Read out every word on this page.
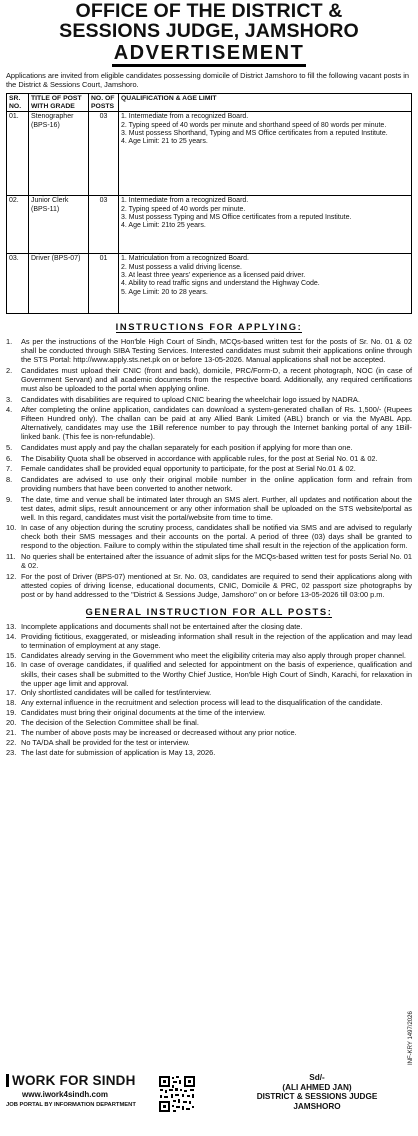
OFFICE OF THE DISTRICT &
SESSIONS JUDGE, JAMSHORO
ADVERTISEMENT

Applications are invited from eligible candidates possessing domicile of District Jamshoro to fill the following vacant posts in the District & Sessions Court, Jamshoro.

SR. NO.	TITLE OF POST WITH GRADE	NO. OF POSTS	QUALIFICATION & AGE LIMIT
01.	Stenographer (BPS-16)	03	1. Intermediate from a recognized Board.
2. Typing speed of 40 words per minute and shorthand speed of 80 words per minute.
3. Must possess Shorthand, Typing and MS Office certificates from a reputed Institute.
4. Age Limit: 21 to 25 years.

02.	Junior Clerk (BPS-11)	03	1. Intermediate from a recognized Board.
2. Typing speed of 40 words per minute.
3. Must possess Typing and MS Office certificates from a reputed Institute.
4. Age Limit: 21to 25 years.

03.	Driver (BPS-07)	01	1. Matriculation from a recognized Board.
2. Must possess a valid driving license.
3. At least three years' experience as a licensed paid driver.
4. Ability to read traffic signs and understand the Highway Code.
5. Age Limit: 20 to 28 years.
INSTRUCTIONS FOR APPLYING:
1.	As per the instructions of the Hon'ble High Court of Sindh, MCQs-based written test for the posts of Sr. No. 01 & 02 shall be conducted through SIBA Testing Services. Interested candidates must submit their applications online through the STS Portal: http://www.apply.sts.net.pk on or before 13-05-2026. Manual applications shall not be accepted.
2.	Candidates must upload their CNIC (front and back), domicile, PRC/Form-D, a recent photograph, NOC (in case of Government Servant) and all academic documents from the respective board. Additionally, any required certifications must also be uploaded to the portal when applying online.
3.	Candidates with disabilities are required to upload CNIC bearing the wheelchair logo issued by NADRA.
4.	After completing the online application, candidates can download a system-generated challan of Rs. 1,500/- (Rupees Fifteen Hundred only). The challan can be paid at any Allied Bank Limited (ABL) branch or via the MyABL App. Alternatively, candidates may use the 1Bill reference number to pay through the Internet banking portal of any 1Bill-linked bank. (This fee is non-refundable).
5.	Candidates must apply and pay the challan separately for each position if applying for more than one.
6.	The Disability Quota shall be observed in accordance with applicable rules, for the post at Serial No. 01 & 02.
7.	Female candidates shall be provided equal opportunity to participate, for the post at Serial No.01 & 02.
8.	Candidates are advised to use only their original mobile number in the online application form and refrain from providing numbers that have been converted to another network.
9.	The date, time and venue shall be intimated later through an SMS alert. Further, all updates and notification about the test dates, admit slips, result announcement or any other information shall be uploaded on the STS website/portal as well. In this regard, candidates must visit the portal/website from time to time.
10. In case of any objection during the scrutiny process, candidates shall be notified via SMS and are advised to regularly check both their SMS messages and their accounts on the portal. A period of three (03) days shall be granted to respond to the objection. Failure to comply within the stipulated time shall result in the rejection of the application form.
11. No queries shall be entertained after the issuance of admit slips for the MCQs-based written test for posts Serial No. 01 & 02.
12. For the post of Driver (BPS-07) mentioned at Sr. No. 03, candidates are required to send their applications along with attested copies of driving license, educational documents, CNIC, Domicile & PRC, 02 passport size photographs by post or by hand addressed to the "District & Sessions Judge, Jamshoro" on or before 13-05-2026 till 03:00 p.m.
GENERAL INSTRUCTION FOR ALL POSTS:
13. Incomplete applications and documents shall not be entertained after the closing date.
14. Providing fictitious, exaggerated, or misleading information shall result in the rejection of the application and may lead to termination of employment at any stage.
15. Candidates already serving in the Government who meet the eligibility criteria may also apply through proper channel.
16. In case of overage candidates, if qualified and selected for appointment on the basis of experience, qualification and skills, their cases shall be submitted to the Worthy Chief Justice, Hon'ble High Court of Sindh, Karachi, for relaxation in the upper age limit and approval.
17. Only shortlisted candidates will be called for test/interview.
18. Any external influence in the recruitment and selection process will lead to the disqualification of the candidate.
19. Candidates must bring their original documents at the time of the interview.
20. The decision of the Selection Committee shall be final.
21. The number of above posts may be increased or decreased without any prior notice.
22. No TA/DA shall be provided for the test or interview.
23. The last date for submission of application is May 13, 2026.
INF-KRY 1497/2026
WORK FOR SINDH
www.iwork4sindh.com
JOB PORTAL BY INFORMATION DEPARTMENT
Sd/-
(ALI AHMED JAN)
DISTRICT & SESSIONS JUDGE
JAMSHORO
